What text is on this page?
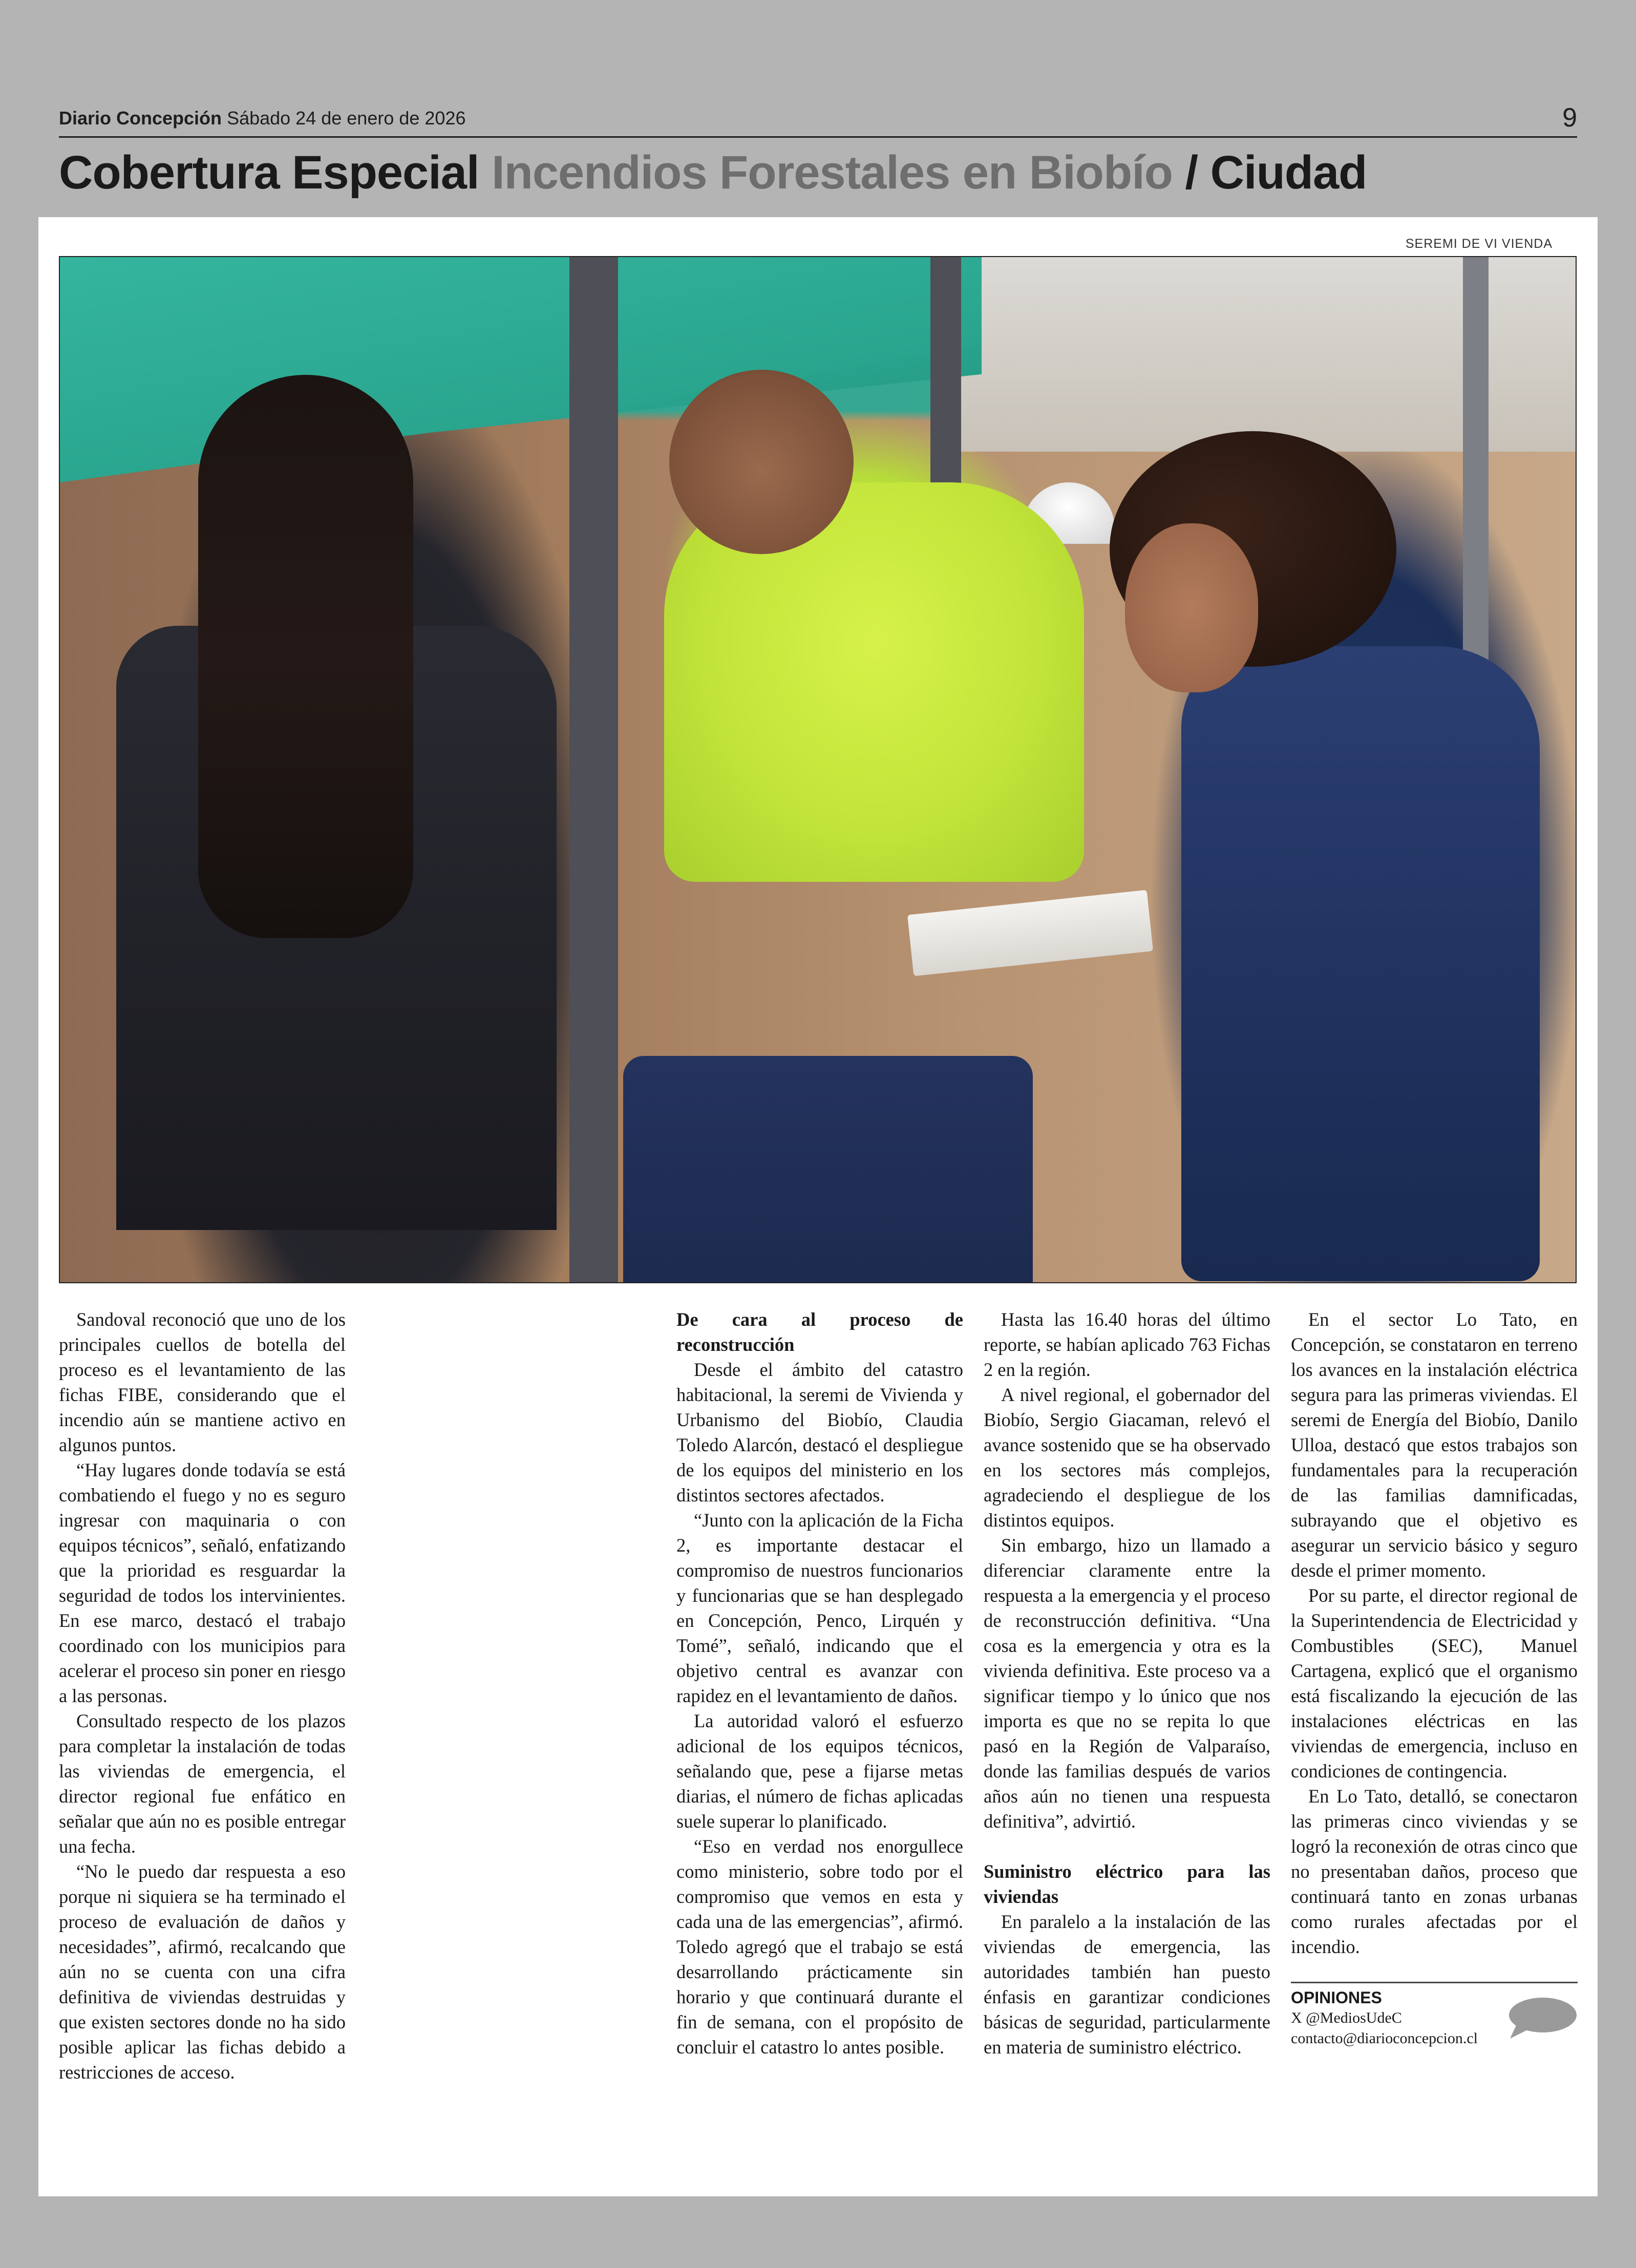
Diario Concepción Sábado 24 de enero de 2026	9
Cobertura Especial Incendios Forestales en Biobío / Ciudad
SEREMI DE VI VIENDA

Sandoval reconoció que uno de los principales cuellos de botella del proceso es el levantamiento de las fichas FIBE, considerando que el incendio aún se mantiene activo en algunos puntos.

“Hay lugares donde todavía se está combatiendo el fuego y no es seguro ingresar con maquinaria o con equipos técnicos”, señaló, enfatizando que la prioridad es resguardar la seguridad de todos los intervinientes. En ese marco, destacó el trabajo coordinado con los municipios para acelerar el proceso sin poner en riesgo a las personas.

Consultado respecto de los plazos para completar la instalación de todas las viviendas de emergencia, el director regional fue enfático en señalar que aún no es posible entregar una fecha.

“No le puedo dar respuesta a eso porque ni siquiera se ha terminado el proceso de evaluación de daños y necesidades”, afirmó, recalcando que aún no se cuenta con una cifra definitiva de viviendas destruidas y que existen sectores donde no ha sido posible aplicar las fichas debido a restricciones de acceso.

De cara al proceso de reconstrucción

Desde el ámbito del catastro habitacional, la seremi de Vivienda y Urbanismo del Biobío, Claudia Toledo Alarcón, destacó el despliegue de los equipos del ministerio en los distintos sectores afectados.

“Junto con la aplicación de la Ficha 2, es importante destacar el compromiso de nuestros funcionarios y funcionarias que se han desplegado en Concepción, Penco, Lirquén y Tomé”, señaló, indicando que el objetivo central es avanzar con rapidez en el levantamiento de daños.

La autoridad valoró el esfuerzo adicional de los equipos técnicos, señalando que, pese a fijarse metas diarias, el número de fichas aplicadas suele superar lo planificado.

“Eso en verdad nos enorgullece como ministerio, sobre todo por el compromiso que vemos en esta y cada una de las emergencias”, afirmó. Toledo agregó que el trabajo se está desarrollando prácticamente sin horario y que continuará durante el fin de semana, con el propósito de concluir el catastro lo antes posible.

Hasta las 16.40 horas del último reporte, se habían aplicado 763 Fichas 2 en la región.

A nivel regional, el gobernador del Biobío, Sergio Giacaman, relevó el avance sostenido que se ha observado en los sectores más complejos, agradeciendo el despliegue de los distintos equipos.

Sin embargo, hizo un llamado a diferenciar claramente entre la respuesta a la emergencia y el proceso de reconstrucción definitiva. “Una cosa es la emergencia y otra es la vivienda definitiva. Este proceso va a significar tiempo y lo único que nos importa es que no se repita lo que pasó en la Región de Valparaíso, donde las familias después de varios años aún no tienen una respuesta definitiva”, advirtió.

Suministro eléctrico para las viviendas

En paralelo a la instalación de las viviendas de emergencia, las autoridades también han puesto énfasis en garantizar condiciones básicas de seguridad, particularmente en materia de suministro eléctrico.

En el sector Lo Tato, en Concepción, se constataron en terreno los avances en la instalación eléctrica segura para las primeras viviendas. El seremi de Energía del Biobío, Danilo Ulloa, destacó que estos trabajos son fundamentales para la recuperación de las familias damnificadas, subrayando que el objetivo es asegurar un servicio básico y seguro desde el primer momento.

Por su parte, el director regional de la Superintendencia de Electricidad y Combustibles (SEC), Manuel Cartagena, explicó que el organismo está fiscalizando la ejecución de las instalaciones eléctricas en las viviendas de emergencia, incluso en condiciones de contingencia.

En Lo Tato, detalló, se conectaron las primeras cinco viviendas y se logró la reconexión de otras cinco que no presentaban daños, proceso que continuará tanto en zonas urbanas como rurales afectadas por el incendio.

OPINIONES
X @MediosUdeC
contacto@diarioconcepcion.cl
